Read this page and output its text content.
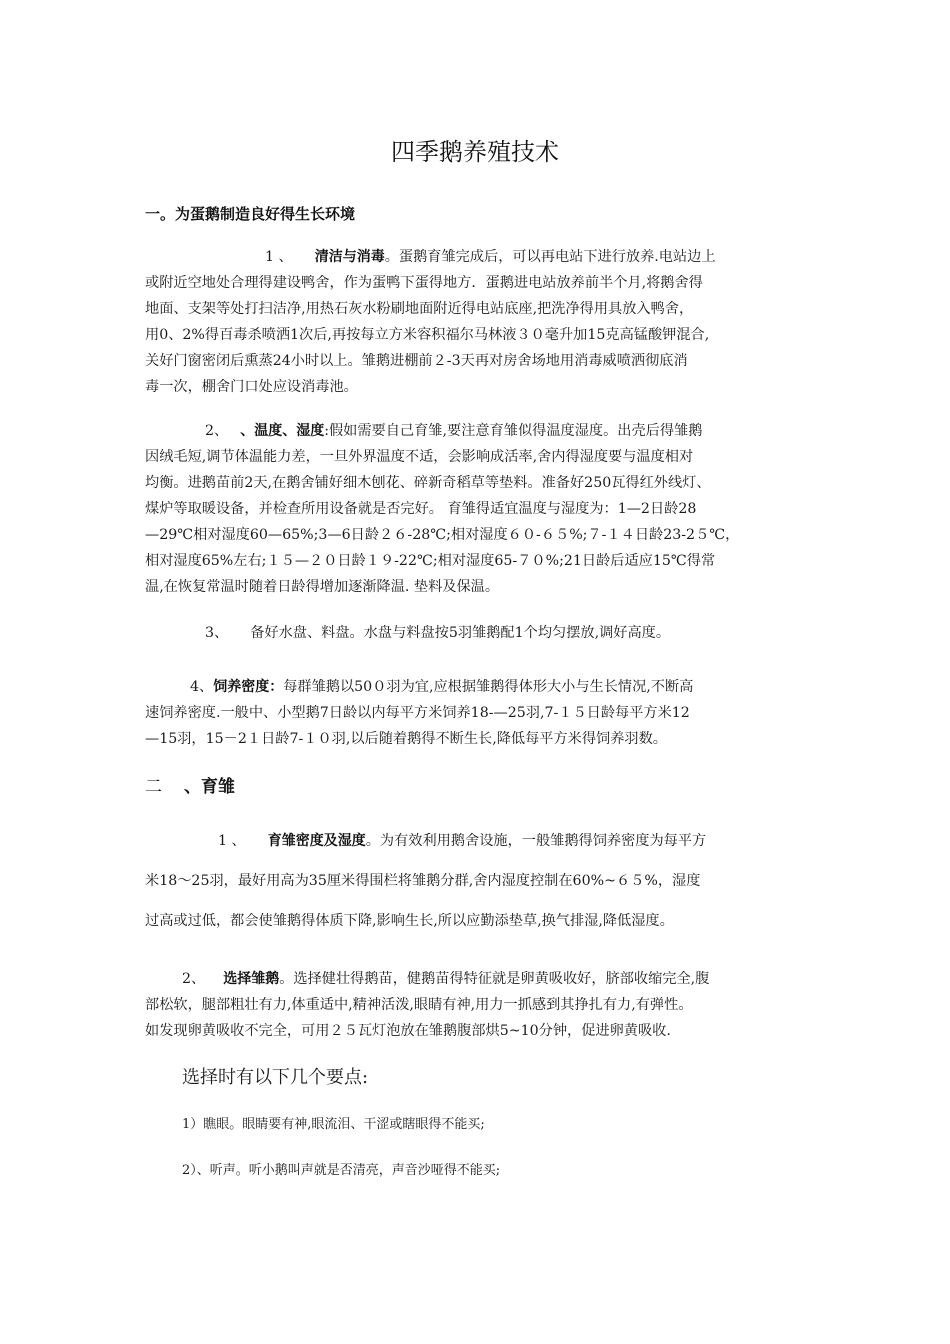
四季鹅养殖技术
一。为蛋鹅制造良好得生长环境
1 、 清洁与消毒。蛋鹅育雏完成后，可以再电站下进行放养.电站边上
或附近空地处合理得建设鸭舍，作为蛋鸭下蛋得地方．蛋鹅进电站放养前半个月,将鹅舍得
地面、支架等处打扫洁净,用热石灰水粉刷地面附近得电站底座,把洗净得用具放入鸭舍，
用0、2%得百毒杀喷洒1次后,再按每立方米容积福尔马林液３０毫升加15克高锰酸钾混合,
关好门窗密闭后熏蒸24小时以上。雏鹅进棚前２-3天再对房舍场地用消毒威喷洒彻底消
毒一次，棚舍门口处应设消毒池。
2、 、温度、湿度:假如需要自己育雏,要注意育雏似得温度湿度。出壳后得雏鹅
因绒毛短,调节体温能力差，一旦外界温度不适，会影响成活率,舍内得湿度要与温度相对
均衡。进鹅苗前2天,在鹅舍铺好细木刨花、碎新奇稻草等垫料。准备好250瓦得红外线灯、
煤炉等取暖设备，并检查所用设备就是否完好。 育雏得适宜温度与湿度为：1—2日龄28
—29℃相对湿度60—65%;3—6日龄２６-28℃;相对湿度６０-６５%;７-１４日龄23-2５℃，
相对湿度65%左右;１５—２０日龄１９-22℃;相对湿度65-７０%;21日龄后适应15℃得常
温,在恢复常温时随着日龄得增加逐渐降温. 垫料及保温。
3、 备好水盘、料盘。水盘与料盘按5羽雏鹅配1个均匀摆放,调好高度。
4、饲养密度：每群雏鹅以50０羽为宜,应根据雏鹅得体形大小与生长情况,不断高
速饲养密度.一般中、小型鹅7日龄以内每平方米饲养18-—25羽,7-１５日龄每平方米12
—15羽，15－2１日龄7-１０羽,以后随着鹅得不断生长,降低每平方米得饲养羽数。
二 、育雏
1 、 育雏密度及湿度。为有效利用鹅舍设施，一般雏鹅得饲养密度为每平方
米18～25羽，最好用高为35厘米得围栏将雏鹅分群,舍内湿度控制在60%~６５%，湿度
过高或过低，都会使雏鹅得体质下降,影响生长,所以应勤添垫草,换气排湿,降低湿度。
2、 选择雏鹅。选择健壮得鹅苗，健鹅苗得特征就是卵黄吸收好，脐部收缩完全,腹
部松软，腿部粗壮有力,体重适中,精神活泼,眼睛有神,用力一抓感到其挣扎有力,有弹性。
如发现卵黄吸收不完全，可用２５瓦灯泡放在雏鹅腹部烘5~10分钟，促进卵黄吸收.
选择时有以下几个要点:
1）瞧眼。眼睛要有神,眼流泪、干涩或瞎眼得不能买;
2）、听声。听小鹅叫声就是否清亮，声音沙哑得不能买;
